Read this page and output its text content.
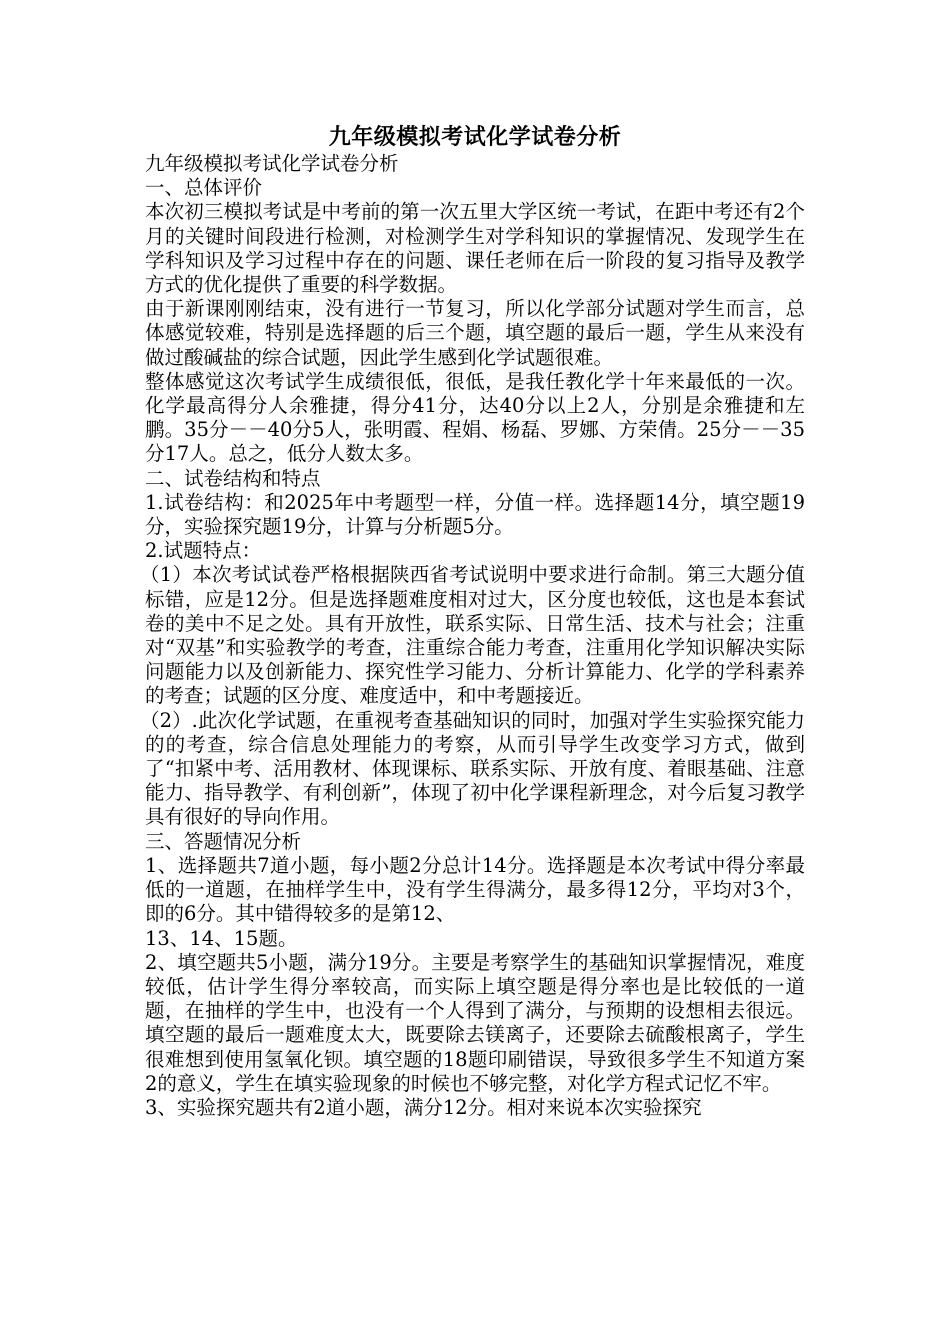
九年级模拟考试化学试卷分析

九年级模拟考试化学试卷分析

一、总体评价

本次初三模拟考试是中考前的第一次五里大学区统一考试，在距中考还有2个月的关键时间段进行检测，对检测学生对学科知识的掌握情况、发现学生在学科知识及学习过程中存在的问题、课任老师在后一阶段的复习指导及教学方式的优化提供了重要的科学数据。

由于新课刚刚结束，没有进行一节复习，所以化学部分试题对学生而言，总体感觉较难，特别是选择题的后三个题，填空题的最后一题，学生从来没有做过酸碱盐的综合试题，因此学生感到化学试题很难。

整体感觉这次考试学生成绩很低，很低，是我任教化学十年来最低的一次。化学最高得分人余雅捷，得分41分，达40分以上2人，分别是余雅捷和左鹏。35分－－40分5人，张明霞、程娟、杨磊、罗娜、方荣倩。25分－－35分17人。总之，低分人数太多。

二、试卷结构和特点

1.试卷结构：和2025年中考题型一样，分值一样。选择题14分，填空题19分，实验探究题19分，计算与分析题5分。

2.试题特点：

（1）本次考试试卷严格根据陕西省考试说明中要求进行命制。第三大题分值标错，应是12分。但是选择题难度相对过大，区分度也较低，这也是本套试卷的美中不足之处。具有开放性，联系实际、日常生活、技术与社会；注重对“双基”和实验教学的考查，注重综合能力考查，注重用化学知识解决实际问题能力以及创新能力、探究性学习能力、分析计算能力、化学的学科素养的考查；试题的区分度、难度适中，和中考题接近。

（2）.此次化学试题，在重视考查基础知识的同时，加强对学生实验探究能力的的考查，综合信息处理能力的考察，从而引导学生改变学习方式，做到了“扣紧中考、活用教材、体现课标、联系实际、开放有度、着眼基础、注意能力、指导教学、有利创新”，体现了初中化学课程新理念，对今后复习教学具有很好的导向作用。

三、答题情况分析

1、选择题共7道小题，每小题2分总计14分。选择题是本次考试中得分率最低的一道题，在抽样学生中，没有学生得满分，最多得12分，平均对3个，即的6分。其中错得较多的是第12、

13、14、15题。

2、填空题共5小题，满分19分。主要是考察学生的基础知识掌握情况，难度较低，估计学生得分率较高，而实际上填空题是得分率也是比较低的一道题，在抽样的学生中，也没有一个人得到了满分，与预期的设想相去很远。填空题的最后一题难度太大，既要除去镁离子，还要除去硫酸根离子，学生很难想到使用氢氧化钡。填空题的18题印刷错误，导致很多学生不知道方案2的意义，学生在填实验现象的时候也不够完整，对化学方程式记忆不牢。

3、实验探究题共有2道小题，满分12分。相对来说本次实验探究
